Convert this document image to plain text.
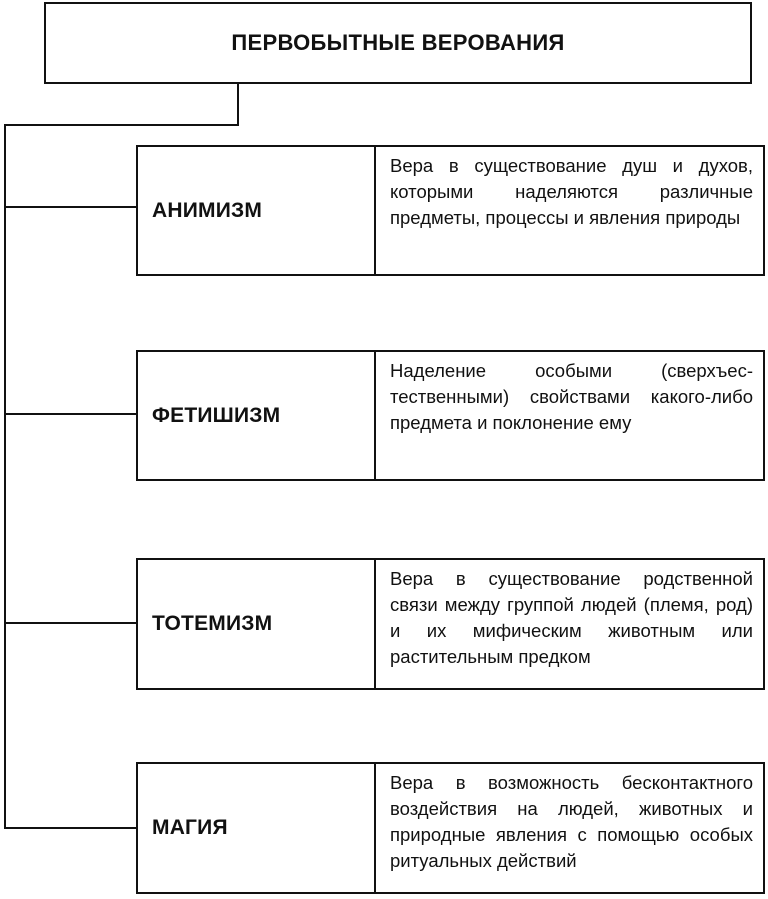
ПЕРВОБЫТНЫЕ ВЕРОВАНИЯ
АНИМИЗМ
Вера в существование душ и духов, которыми наделяются различные предметы, процессы и явления природы
ФЕТИШИЗМ
Наделение особыми (сверхъестественными) свойствами какого-либо предмета и поклонение ему
ТОТЕМИЗМ
Вера в существование родственной связи между группой людей (племя, род) и их мифическим животным или растительным предком
МАГИЯ
Вера в возможность бесконтактного воздействия на людей, животных и природные явления с помощью особых ритуальных действий
